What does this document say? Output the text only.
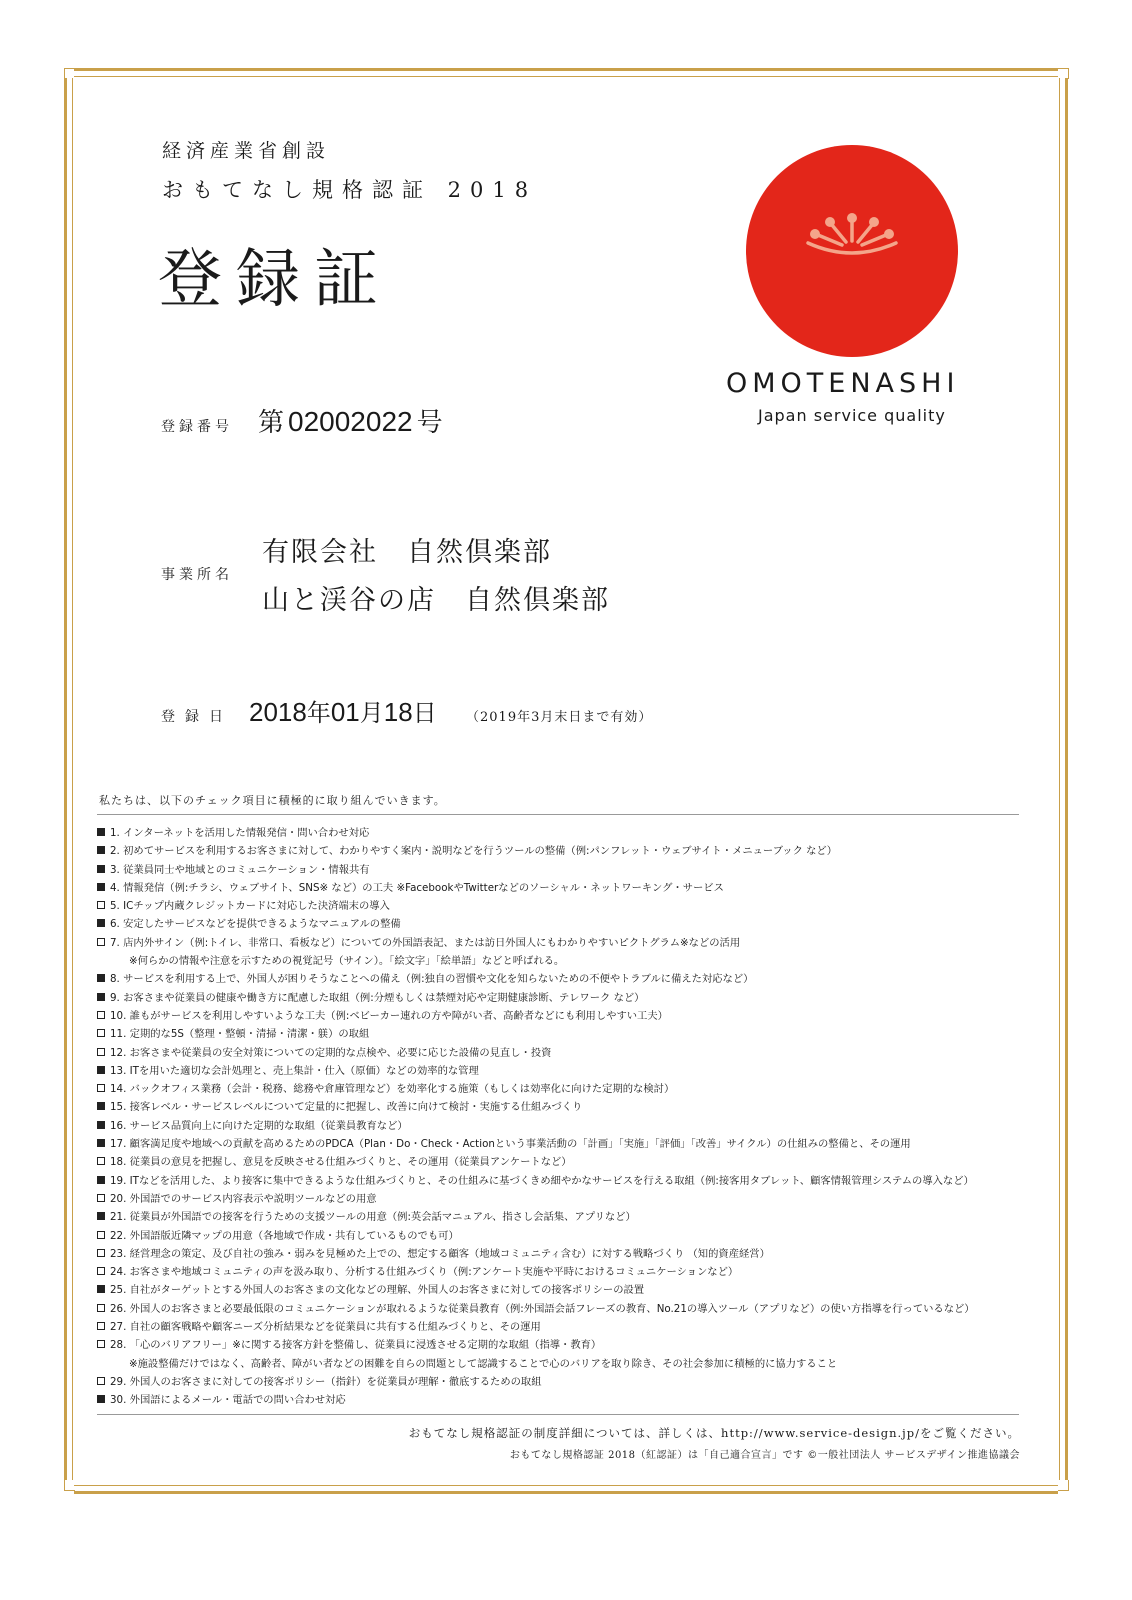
経済産業省創設
おもてなし規格認証 2018
登録証
OMOTENASHI
Japan service quality
登録番号 第 02002022 号
事業所名
有限会社　自然倶楽部
山と渓谷の店　自然倶楽部
登録日 2018年01月18日 （2019年3月末日まで有効）
私たちは、以下のチェック項目に積極的に取り組んでいきます。
1. インターネットを活用した情報発信・問い合わせ対応
2. 初めてサービスを利用するお客さまに対して、わかりやすく案内・説明などを行うツールの整備（例:パンフレット・ウェブサイト・メニューブック など）
3. 従業員同士や地域とのコミュニケーション・情報共有
4. 情報発信（例:チラシ、ウェブサイト、SNS※ など）の工夫 ※FacebookやTwitterなどのソーシャル・ネットワーキング・サービス
5. ICチップ内蔵クレジットカードに対応した決済端末の導入
6. 安定したサービスなどを提供できるようなマニュアルの整備
7. 店内外サイン（例:トイレ、非常口、看板など）についての外国語表記、または訪日外国人にもわかりやすいピクトグラム※などの活用
※何らかの情報や注意を示すための視覚記号（サイン）。「絵文字」「絵単語」などと呼ばれる。
8. サービスを利用する上で、外国人が困りそうなことへの備え（例:独自の習慣や文化を知らないための不便やトラブルに備えた対応など）
9. お客さまや従業員の健康や働き方に配慮した取組（例:分煙もしくは禁煙対応や定期健康診断、テレワーク など）
10. 誰もがサービスを利用しやすいような工夫（例:ベビーカー連れの方や障がい者、高齢者などにも利用しやすい工夫）
11. 定期的な5S（整理・整頓・清掃・清潔・躾）の取組
12. お客さまや従業員の安全対策についての定期的な点検や、必要に応じた設備の見直し・投資
13. ITを用いた適切な会計処理と、売上集計・仕入（原価）などの効率的な管理
14. バックオフィス業務（会計・税務、総務や倉庫管理など）を効率化する施策（もしくは効率化に向けた定期的な検討）
15. 接客レベル・サービスレベルについて定量的に把握し、改善に向けて検討・実施する仕組みづくり
16. サービス品質向上に向けた定期的な取組（従業員教育など）
17. 顧客満足度や地域への貢献を高めるためのPDCA（Plan・Do・Check・Actionという事業活動の「計画」「実施」「評価」「改善」サイクル）の仕組みの整備と、その運用
18. 従業員の意見を把握し、意見を反映させる仕組みづくりと、その運用（従業員アンケートなど）
19. ITなどを活用した、より接客に集中できるような仕組みづくりと、その仕組みに基づくきめ細やかなサービスを行える取組（例:接客用タブレット、顧客情報管理システムの導入など）
20. 外国語でのサービス内容表示や説明ツールなどの用意
21. 従業員が外国語での接客を行うための支援ツールの用意（例:英会話マニュアル、指さし会話集、アプリなど）
22. 外国語版近隣マップの用意（各地域で作成・共有しているものでも可）
23. 経営理念の策定、及び自社の強み・弱みを見極めた上での、想定する顧客（地域コミュニティ含む）に対する戦略づくり （知的資産経営）
24. お客さまや地域コミュニティの声を汲み取り、分析する仕組みづくり（例:アンケート実施や平時におけるコミュニケーションなど）
25. 自社がターゲットとする外国人のお客さまの文化などの理解、外国人のお客さまに対しての接客ポリシーの設置
26. 外国人のお客さまと必要最低限のコミュニケーションが取れるような従業員教育（例:外国語会話フレーズの教育、No.21の導入ツール（アプリなど）の使い方指導を行っているなど）
27. 自社の顧客戦略や顧客ニーズ分析結果などを従業員に共有する仕組みづくりと、その運用
28. 「心のバリアフリー」※に関する接客方針を整備し、従業員に浸透させる定期的な取組（指導・教育）
※施設整備だけではなく、高齢者、障がい者などの困難を自らの問題として認識することで心のバリアを取り除き、その社会参加に積極的に協力すること
29. 外国人のお客さまに対しての接客ポリシー（指針）を従業員が理解・徹底するための取組
30. 外国語によるメール・電話での問い合わせ対応
おもてなし規格認証の制度詳細については、詳しくは、http://www.service-design.jp/をご覧ください。
おもてなし規格認証 2018（紅認証）は「自己適合宣言」です ©一般社団法人 サービスデザイン推進協議会
